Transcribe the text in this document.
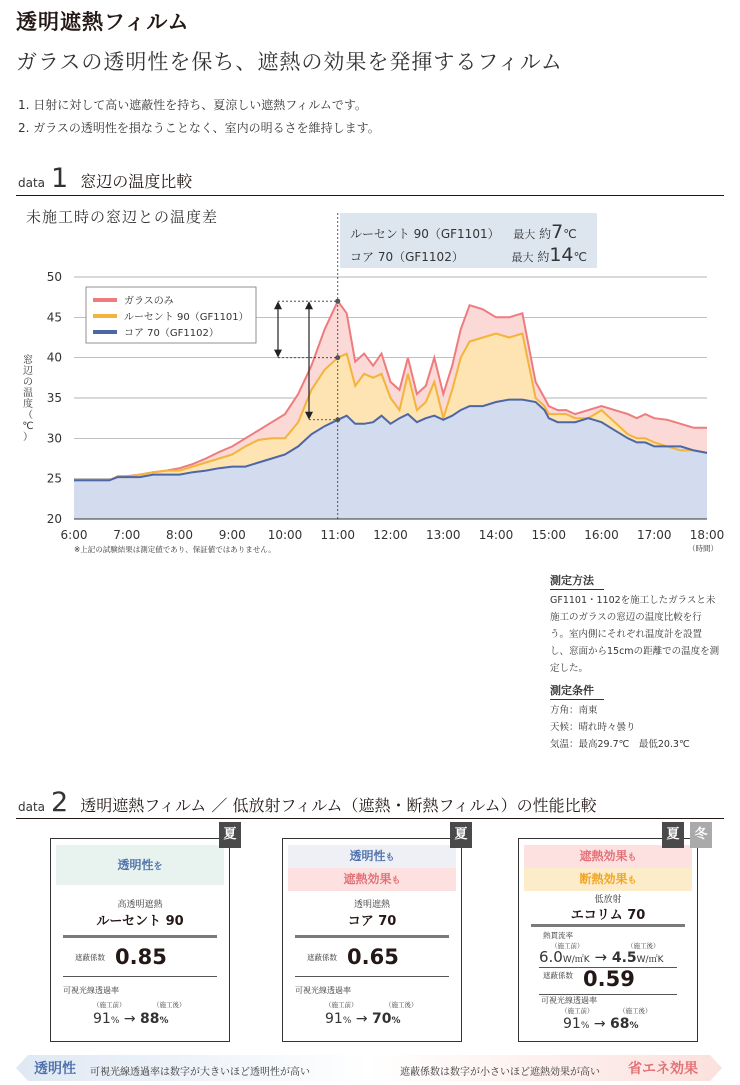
透明遮熱フィルム
ガラスの透明性を保ち、遮熱の効果を発揮するフィルム
1. 日射に対して高い遮蔽性を持ち、夏涼しい遮熱フィルムです。
2. ガラスの透明性を損なうことなく、室内の明るさを維持します。
data 1 窓辺の温度比較
未施工時の窓辺との温度差
ルーセント 90（GF1101） 最大 約7℃
コア 70（GF1102）	最大 約14℃
20
25
30
35
40
45
50
6:00 7:00 8:00 9:00 10:00 11:00 12:00 13:00 14:00 15:00 16:00 17:00 18:00
（時間）
窓
辺
の
温
度
（
℃
）
ガラスのみ
ルーセント 90（GF1101）
コア 70（GF1102）
※上記の試験結果は測定値であり、保証値ではありません。
測定方法
GF1101・1102を施工したガラスと未施工のガラスの窓辺の温度比較を行う。室内側にそれぞれ温度計を設置し、窓面から15cmの距離での温度を測定した。
測定条件
方角：南東
天候：晴れ時々曇り
気温：最高29.7℃　最低20.3℃
data 2 透明遮熱フィルム ／ 低放射フィルム（遮熱・断熱フィルム）の性能比較
透明性を
高透明遮熱
ルーセント 90
遮蔽係数 0.85
可視光線透過率
（施工前）	（施工後）
91% → 88%
夏
透明性も
遮熱効果も
透明遮熱
コア 70
遮蔽係数 0.65
可視光線透過率
（施工前）	（施工後）
91% → 70%
夏
遮熱効果も
断熱効果も
低放射
エコリム 70
熱貫流率
（施工前）	（施工後）
6.0W/㎡K → 4.5W/㎡K
遮蔽係数 0.59
可視光線透過率
（施工前）	（施工後）
91% → 68%
夏	冬
透明性 可視光線透過率は数字が大きいほど透明性が高い	遮蔽係数は数字が小さいほど遮熱効果が高い 省エネ効果
